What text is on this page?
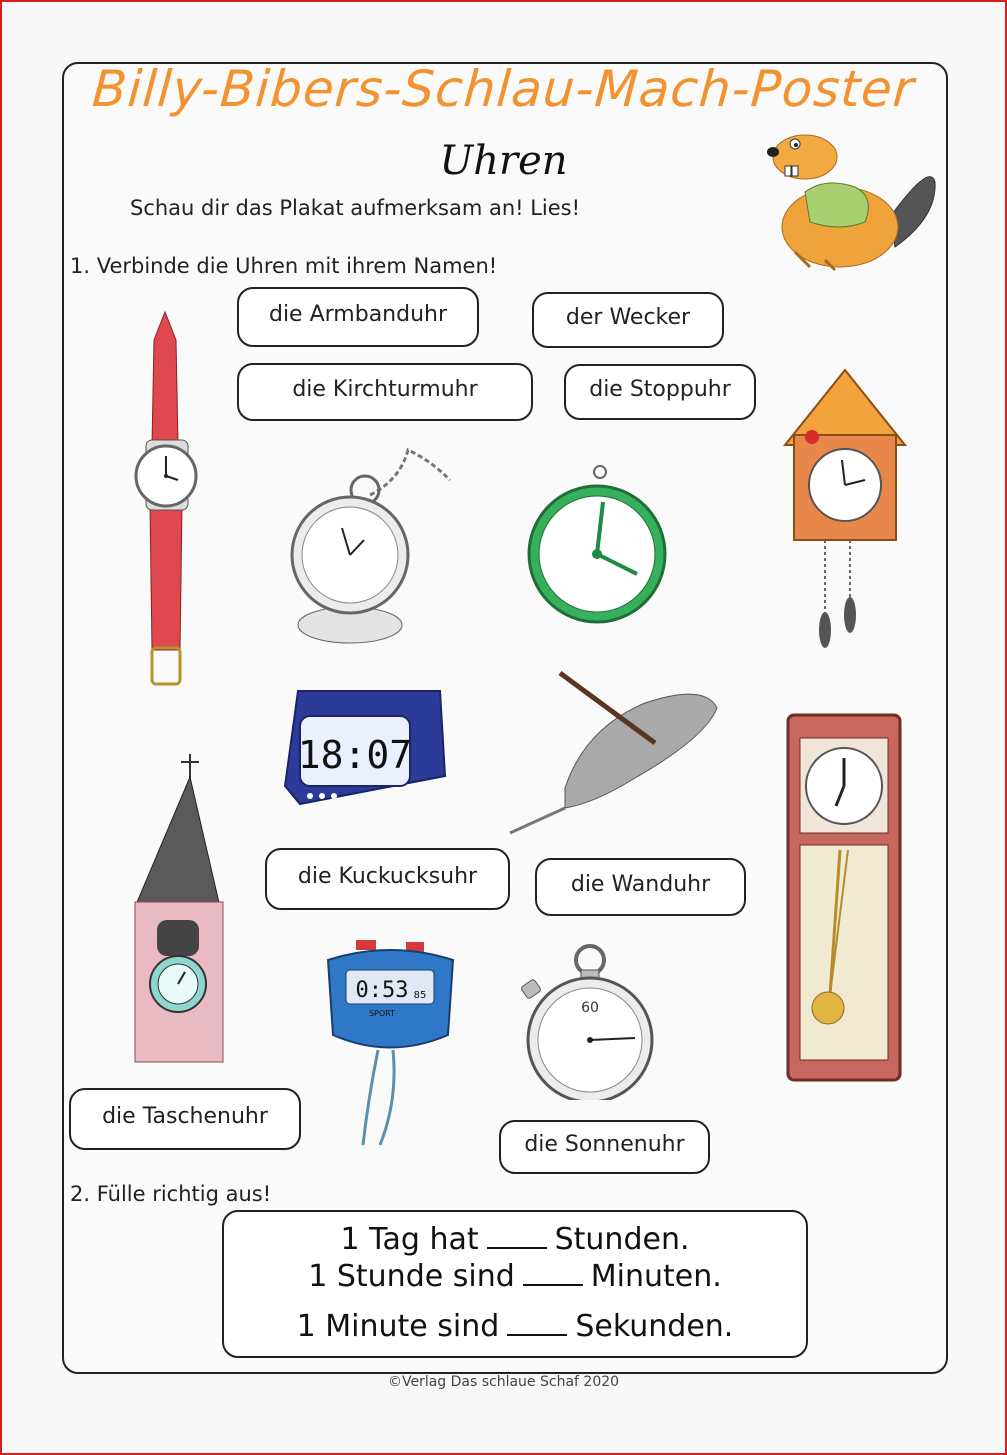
Billy-Bibers-Schlau-Mach-Poster
Uhren
Schau dir das Plakat aufmerksam an! Lies!
1. Verbinde die Uhren mit ihrem Namen!
die Armbanduhr	der Wecker
die Kirchturmuhr	die Stoppuhr
die Kuckucksuhr	die Wanduhr
die Taschenuhr
die Sonnenuhr
18:07
0:53 85
SPORT	60
2. Fülle richtig aus!
1 Tag hat	Stunden.
1 Stunde sind	Minuten.
1 Minute sind	Sekunden.
©Verlag Das schlaue Schaf 2020
